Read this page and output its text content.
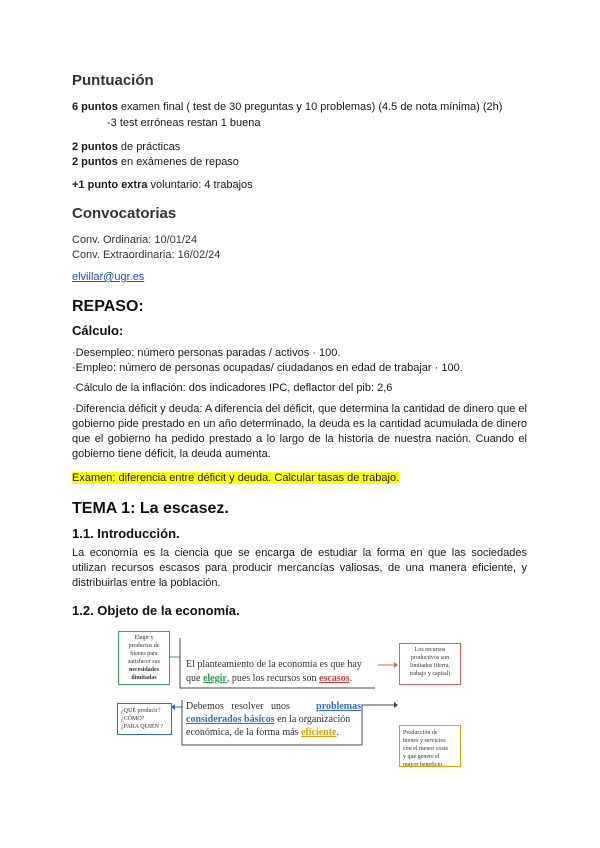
Puntuación
6 puntos examen final ( test de 30 preguntas y 10 problemas) (4.5 de nota mínima) (2h)
-3 test erróneas restan 1 buena
2 puntos de prácticas
2 puntos en exámenes de repaso
+1 punto extra voluntario: 4 trabajos
Convocatorias
Conv. Ordinaria: 10/01/24
Conv. Extraordinaria: 16/02/24
elvillar@ugr.es
REPASO:
Cálculo:
·Desempleo: número personas paradas / activos · 100.
·Empleo: número de personas ocupadas/ ciudadanos en edad de trabajar · 100.
·Cálculo de la inflación: dos indicadores IPC, deflactor del pib: 2,6
·Diferencia déficit y deuda: A diferencia del déficit, que determina la cantidad de dinero que el gobierno pide prestado en un año determinado, la deuda es la cantidad acumulada de dinero que el gobierno ha pedido prestado a lo largo de la historia de nuestra nación. Cuando el gobierno tiene déficit, la deuda aumenta.
Examen: diferencia entre déficit y deuda. Calcular tasas de trabajo.
TEMA 1: La escasez.
1.1. Introducción.
La economía es la ciencia que se encarga de estudiar la forma en que las sociedades utilizan recursos escasos para producir mercancías valiosas, de una manera eficiente, y distribuirlas entre la población.
1.2. Objeto de la economía.
Elegir y
productos de
bienes para
satisfacer sus
necesidades
ilimitadas
El planteamiento de la economía es que hay
que elegir, pues los recursos son escasos.
Los recursos
productivos son
limitados (tierra,
trabajo y capital)
¿QUÉ producir?
¿CÓMO?
¿PARA QUIÉN ?
Debemos   resolver   unos	problemas
considerados básicos en la organización
económica, de la forma más eficiente.	Producción de
bienes y servicios
con el menor coste
y que genere el
mayor beneficio.
